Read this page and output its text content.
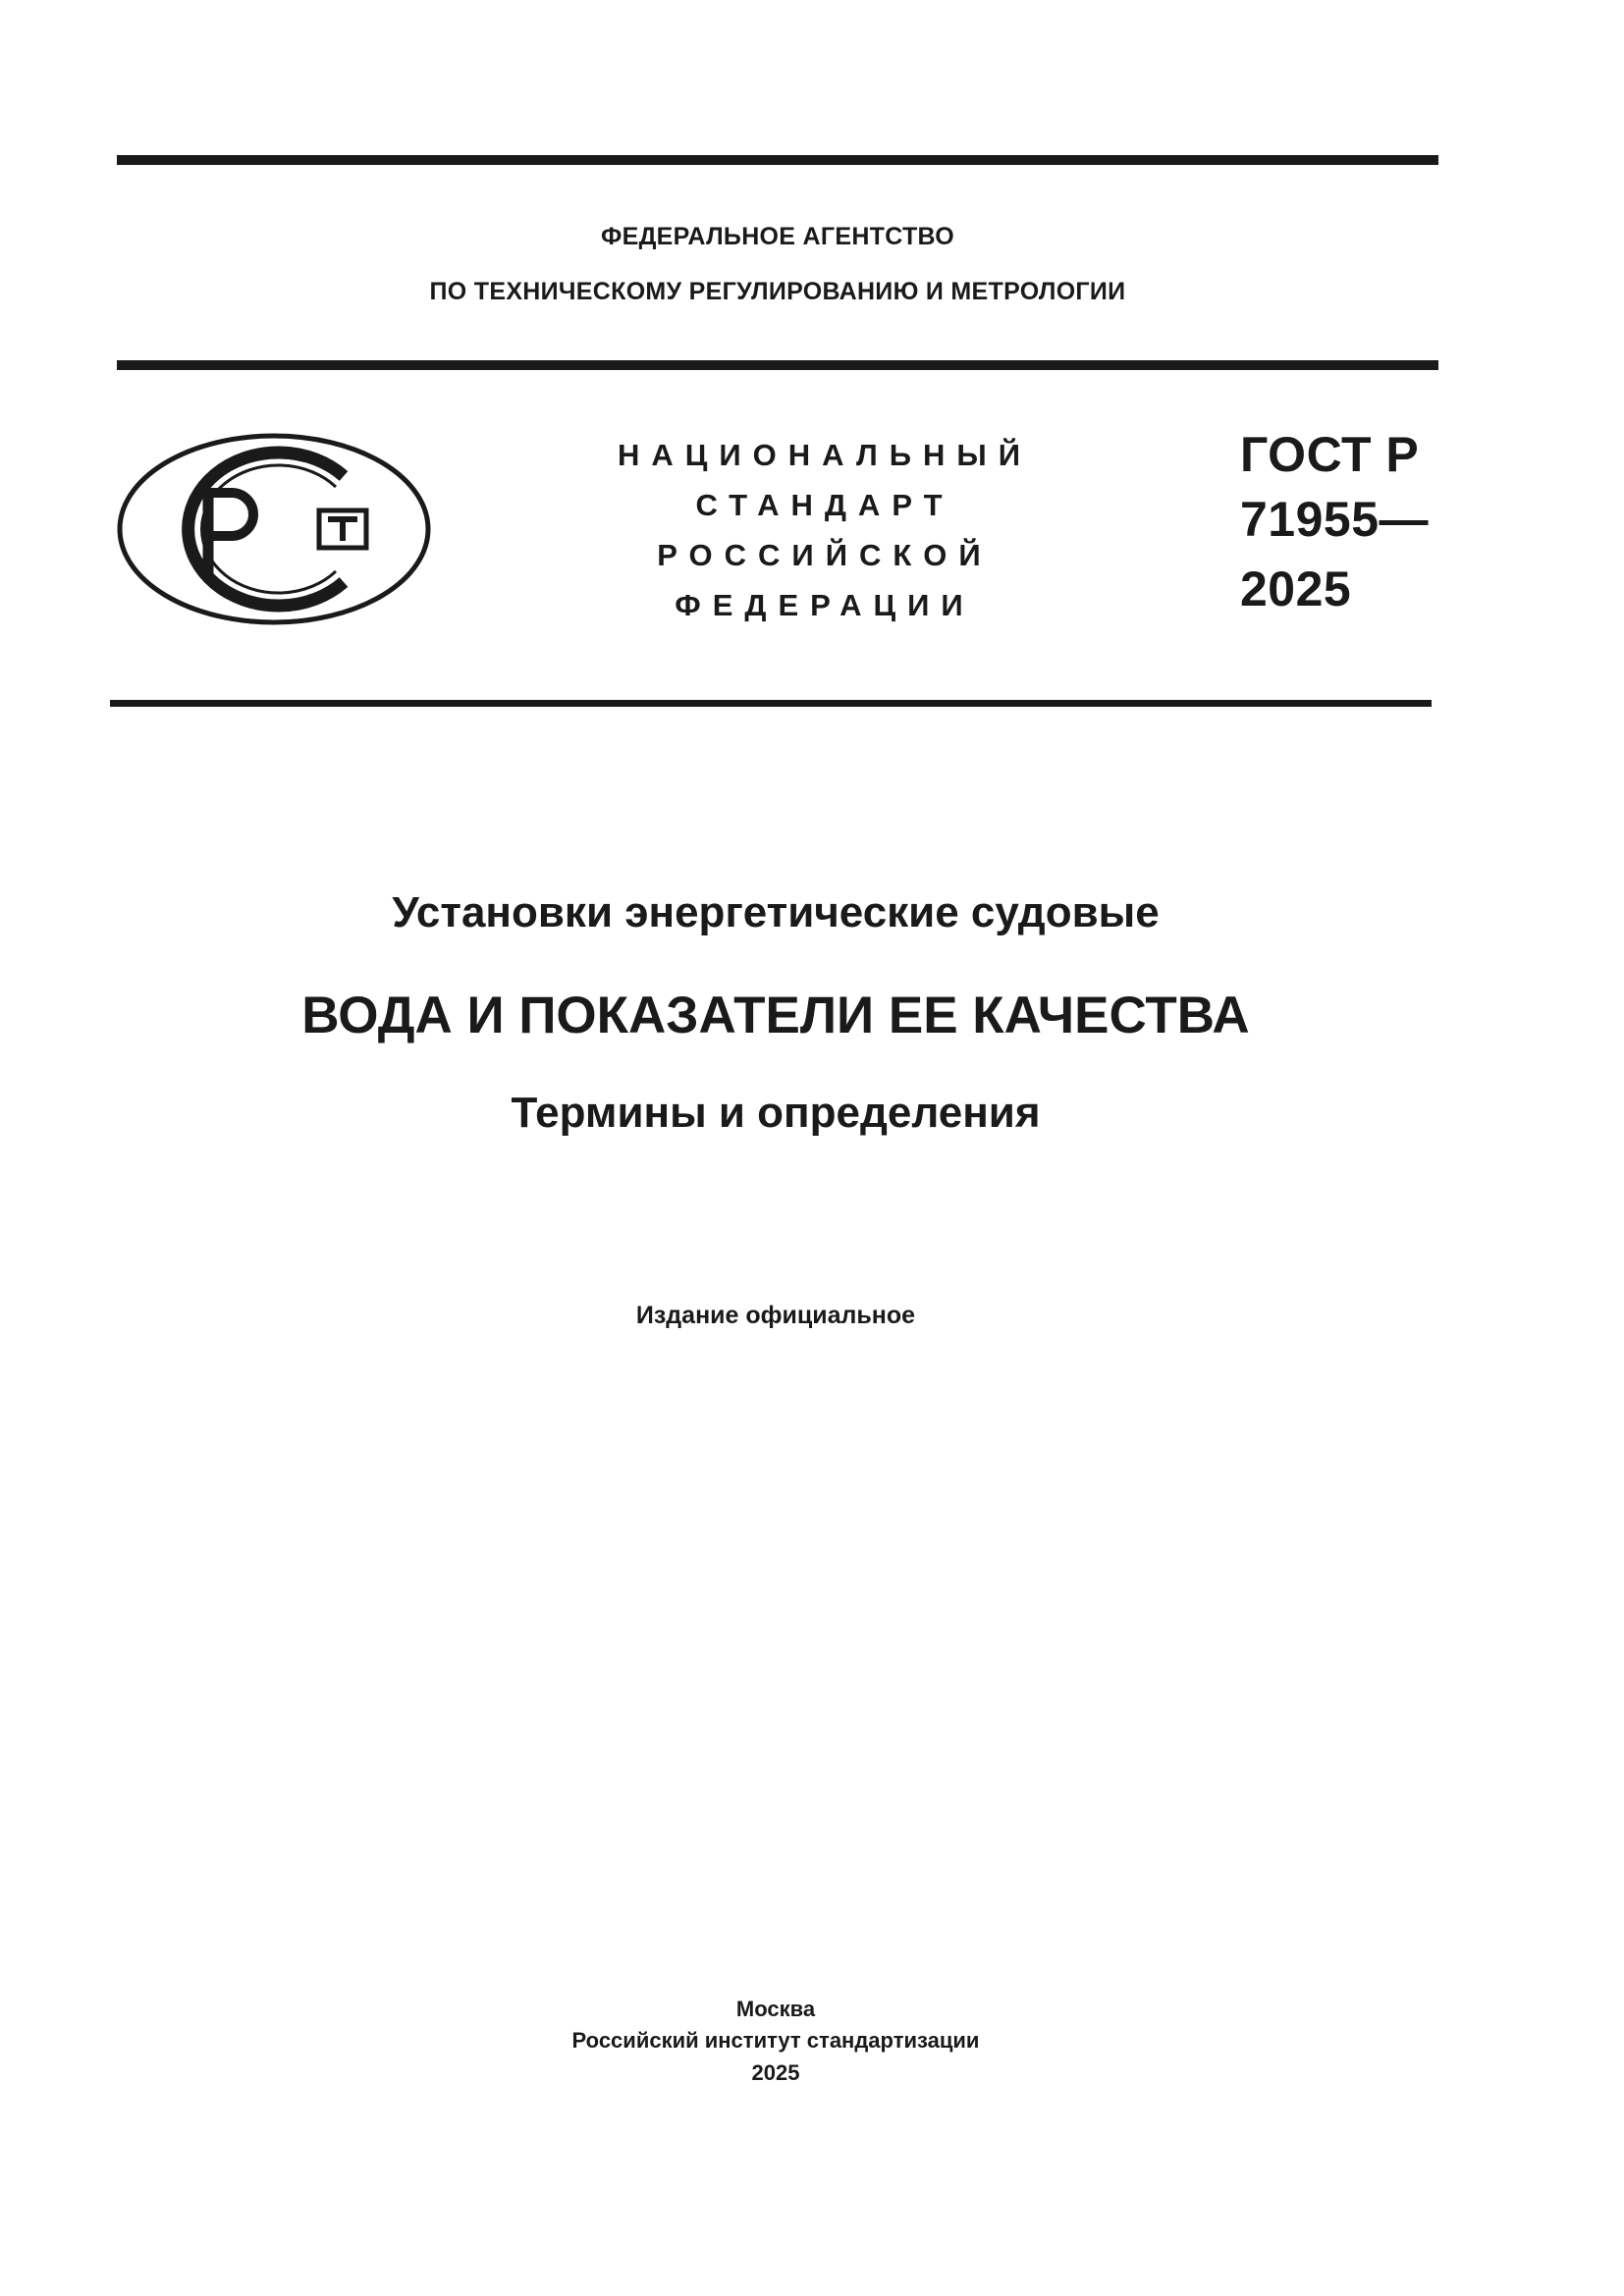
ФЕДЕРАЛЬНОЕ АГЕНТСТВО
ПО ТЕХНИЧЕСКОМУ РЕГУЛИРОВАНИЮ И МЕТРОЛОГИИ
НАЦИОНАЛЬНЫЙ
СТАНДАРТ
РОССИЙСКОЙ
ФЕДЕРАЦИИ
ГОСТ Р
71955—
2025
Установки энергетические судовые
ВОДА И ПОКАЗАТЕЛИ ЕЕ КАЧЕСТВА
Термины и определения
Издание официальное
Москва
Российский институт стандартизации
2025
